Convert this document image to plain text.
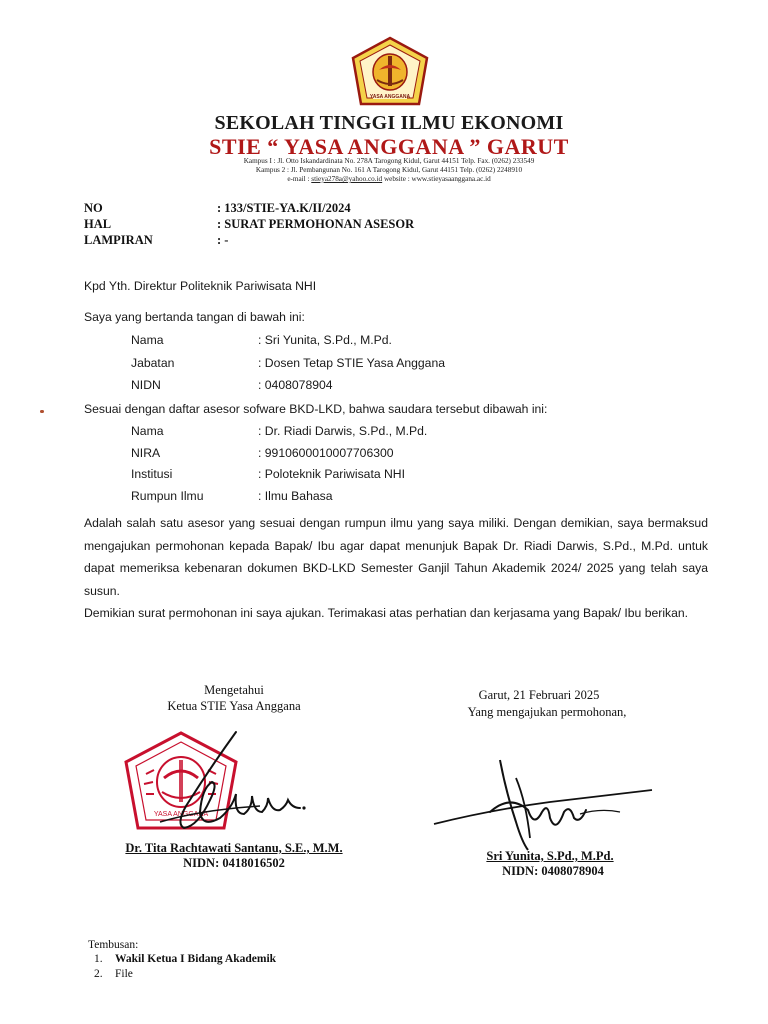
YASA ANGGANA
SEKOLAH TINGGI ILMU EKONOMI
STIE “ YASA ANGGANA ” GARUT
Kampus I : Jl. Otto Iskandardinata No. 278A Tarogong Kidul, Garut 44151 Telp. Fax. (0262) 233549
Kampus 2 : Jl. Pembangunan No. 161 A Tarogong Kidul, Garut 44151 Telp. (0262) 2248910
e-mail : stieya278a@yahoo.co.id website : www.stieyasaanggana.ac.id
NO	: 133/STIE-YA.K/II/2024
HAL	: SURAT PERMOHONAN ASESOR
LAMPIRAN	: -
Kpd Yth. Direktur Politeknik Pariwisata NHI
Saya yang bertanda tangan di bawah ini:
Nama	: Sri Yunita, S.Pd., M.Pd.
Jabatan	: Dosen Tetap STIE Yasa Anggana
NIDN	: 0408078904
Sesuai dengan daftar asesor sofware BKD-LKD, bahwa saudara tersebut dibawah ini:
Nama	: Dr. Riadi Darwis, S.Pd., M.Pd.
NIRA	: 9910600010007706300
Institusi	: Poloteknik Pariwisata NHI
Rumpun Ilmu	: Ilmu Bahasa
Adalah salah satu asesor yang sesuai dengan rumpun ilmu yang saya miliki. Dengan demikian, saya bermaksud mengajukan permohonan kepada Bapak/ Ibu agar dapat menunjuk Bapak Dr. Riadi Darwis, S.Pd., M.Pd. untuk dapat memeriksa kebenaran dokumen BKD-LKD Semester Ganjil Tahun Akademik 2024/ 2025 yang telah saya susun.
Demikian surat permohonan ini saya ajukan. Terimakasi atas perhatian dan kerjasama yang Bapak/ Ibu berikan.
Mengetahui
Ketua STIE Yasa Anggana
Garut, 21 Februari 2025
Yang mengajukan permohonan,
YASA ANGGANA
Dr. Tita Rachtawati Santanu, S.E., M.M.
NIDN: 0418016502	Sri Yunita, S.Pd., M.Pd.
NIDN: 0408078904
Tembusan:
1. Wakil Ketua I Bidang Akademik
2. File
